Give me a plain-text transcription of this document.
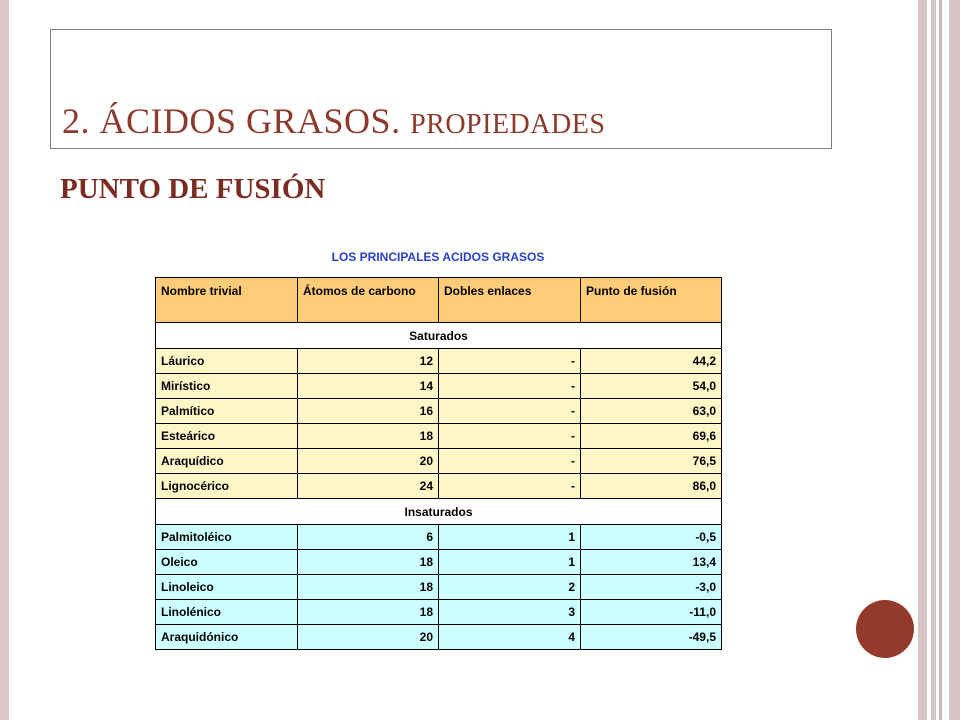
2. ÁCIDOS GRASOS. PROPIEDADES
PUNTO DE FUSIÓN
LOS PRINCIPALES ACIDOS GRASOS
Nombre trivial	Átomos de carbono	Dobles enlaces	Punto de fusión
Saturados			
Láurico	12	-	44,2
Mirístico	14	-	54,0
Palmítico	16	-	63,0
Esteárico	18	-	69,6
Araquídico	20	-	76,5
Lignocérico	24	-	86,0
Insaturados			
Palmitoléico	6	1	-0,5
Oleico	18	1	13,4
Linoleico	18	2	-3,0
Linolénico	18	3	-11,0
Araquidónico	20	4	-49,5
